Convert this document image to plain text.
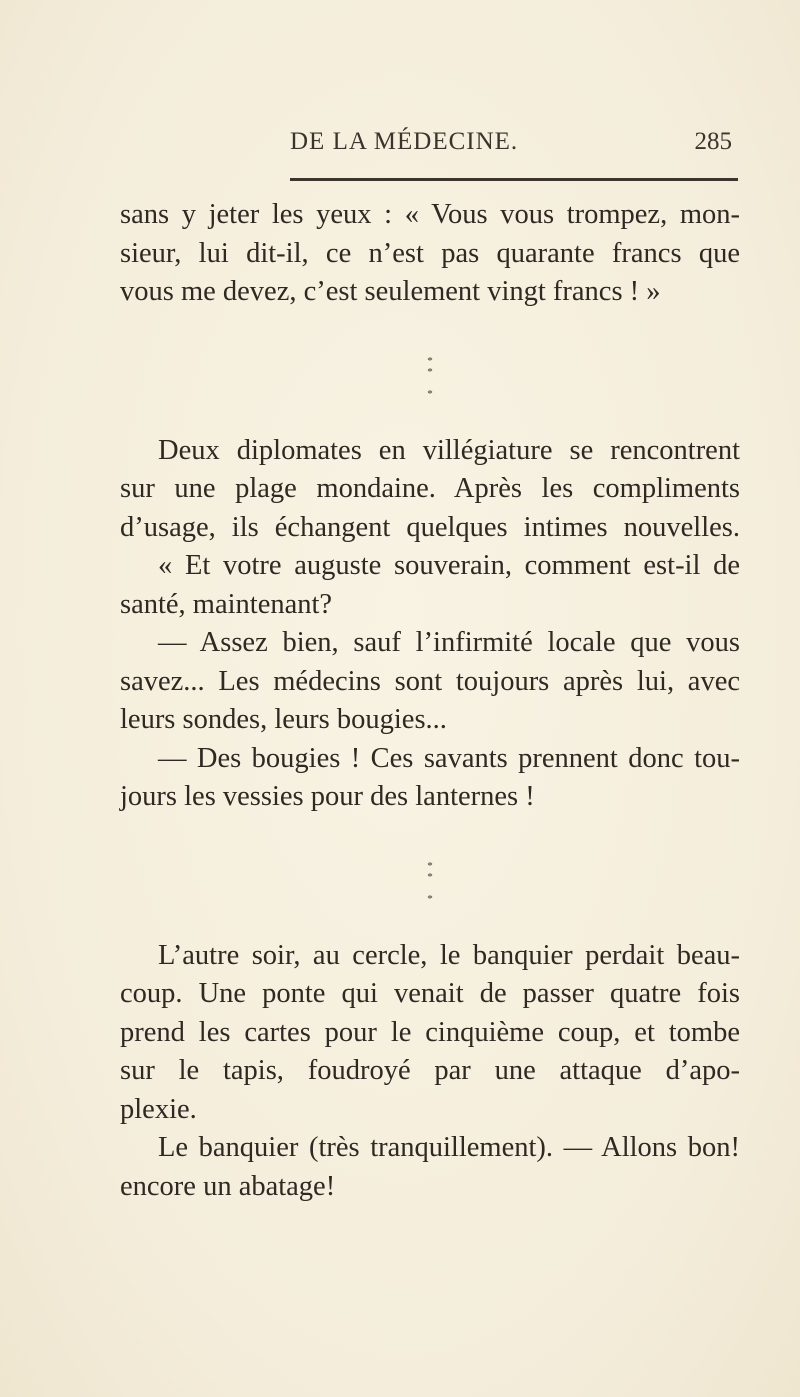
DE LA MÉDECINE.	285
sans y jeter les yeux : « Vous vous trompez, mon-
sieur, lui dit-il, ce n’est pas quarante francs que
vous me devez, c’est seulement vingt francs ! »
*
*

*
Deux diplomates en villégiature se rencontrent
sur une plage mondaine. Après les compliments
d’usage, ils échangent quelques intimes nouvelles.
« Et votre auguste souverain, comment est-il de
santé, maintenant?
— Assez bien, sauf l’infirmité locale que vous
savez... Les médecins sont toujours après lui, avec
leurs sondes, leurs bougies...
— Des bougies ! Ces savants prennent donc tou-
jours les vessies pour des lanternes !
*
*

*
L’autre soir, au cercle, le banquier perdait beau-
coup. Une ponte qui venait de passer quatre fois
prend les cartes pour le cinquième coup, et tombe
sur le tapis, foudroyé par une attaque d’apo-
plexie.
Le banquier (très tranquillement). — Allons bon!
encore un abatage!
